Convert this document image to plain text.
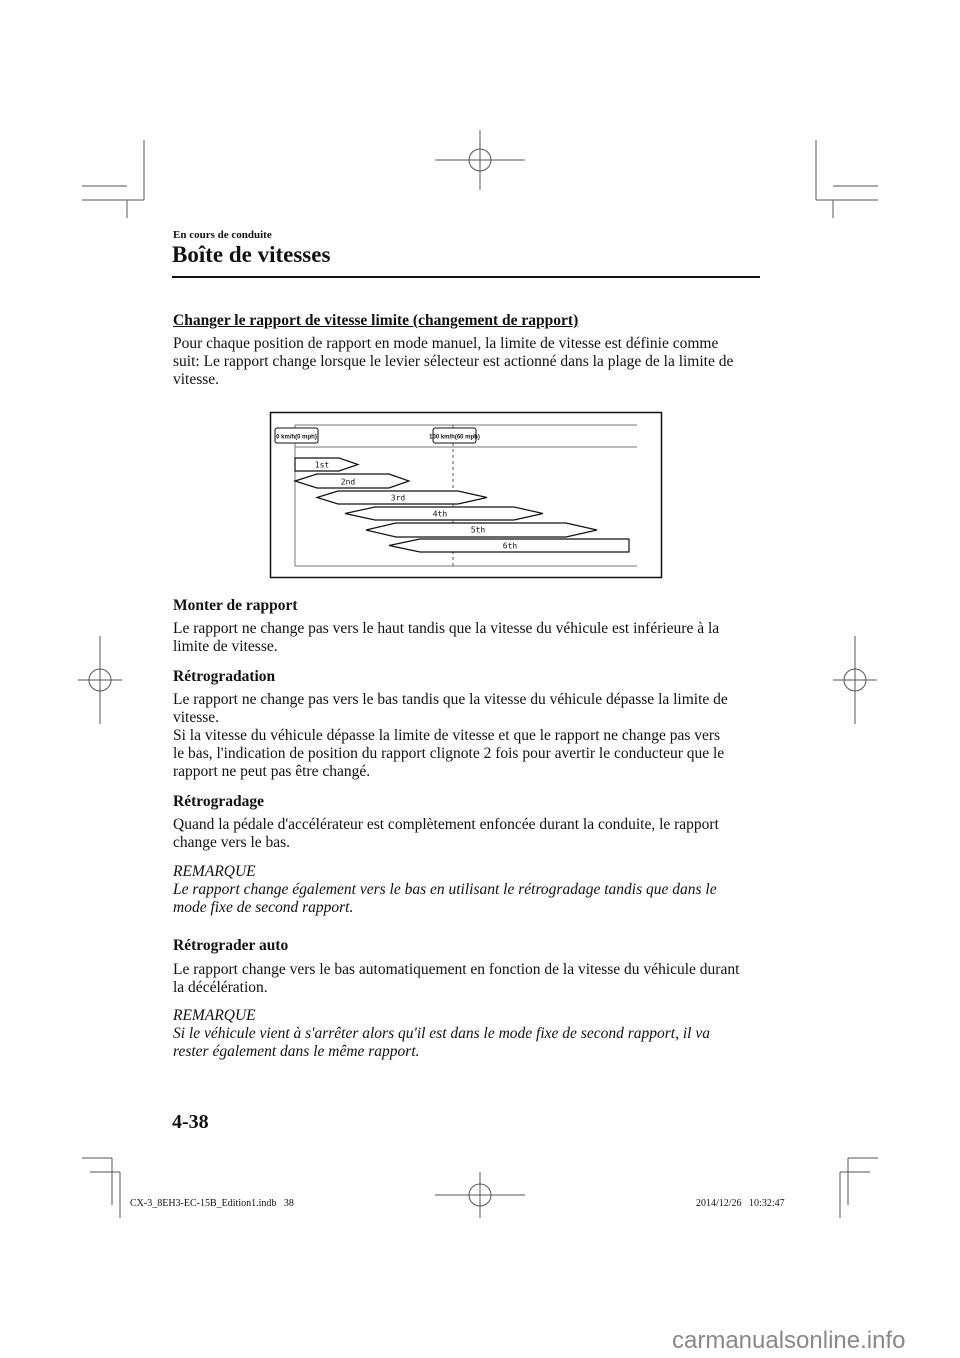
En cours de conduite
Boîte de vitesses
Changer le rapport de vitesse limite (changement de rapport)
Pour chaque position de rapport en mode manuel, la limite de vitesse est définie comme
suit: Le rapport change lorsque le levier sélecteur est actionné dans la plage de la limite de
vitesse.
0 km/h(0 mph)	100 km/h(60 mph)
1st
2nd
3rd
4th
5th
6th
Monter de rapport
Le rapport ne change pas vers le haut tandis que la vitesse du véhicule est inférieure à la
limite de vitesse.
Rétrogradation
Le rapport ne change pas vers le bas tandis que la vitesse du véhicule dépasse la limite de
vitesse.
Si la vitesse du véhicule dépasse la limite de vitesse et que le rapport ne change pas vers
le bas, l'indication de position du rapport clignote 2 fois pour avertir le conducteur que le
rapport ne peut pas être changé.
Rétrogradage
Quand la pédale d'accélérateur est complètement enfoncée durant la conduite, le rapport
change vers le bas.
REMARQUE
Le rapport change également vers le bas en utilisant le rétrogradage tandis que dans le
mode fixe de second rapport.
Rétrograder auto
Le rapport change vers le bas automatiquement en fonction de la vitesse du véhicule durant
la décélération.
REMARQUE
Si le véhicule vient à s'arrêter alors qu'il est dans le mode fixe de second rapport, il va
rester également dans le même rapport.
4-38
CX-3_8EH3-EC-15B_Edition1.indb   38	2014/12/26   10:32:47
carmanualsonline.info
